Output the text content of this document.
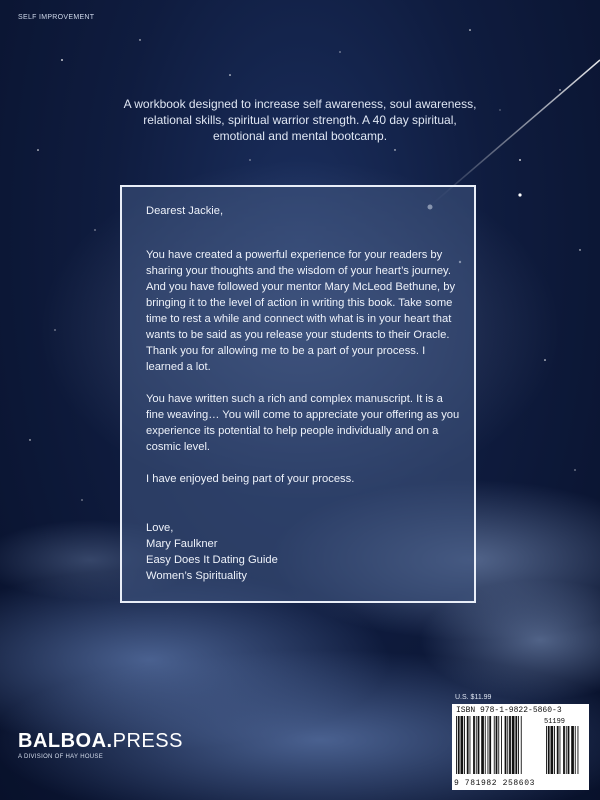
SELF IMPROVEMENT
A workbook designed to increase self awareness, soul awareness, relational skills, spiritual warrior strength. A 40 day spiritual, emotional and mental bootcamp.

Dearest Jackie,

You have created a powerful experience for your readers by sharing your thoughts and the wisdom of your heart’s journey. And you have followed your mentor Mary McLeod Bethune, by bringing it to the level of action in writing this book. Take some time to rest a while and connect with what is in your heart that wants to be said as you release your students to their Oracle. Thank you for allowing me to be a part of your process. I learned a lot.

You have written such a rich and complex manuscript. It is a fine weaving… You will come to appreciate your offering as you experience its potential to help people individually and on a cosmic level.

I have enjoyed being part of your process.

Love,

Mary Faulkner
Easy Does It Dating Guide
Women’s Spirituality

BALBOA.PRESS
A DIVISION OF HAY HOUSE
U.S. $11.99
ISBN 978-1-9822-5860-3
51199
9 781982 258603
